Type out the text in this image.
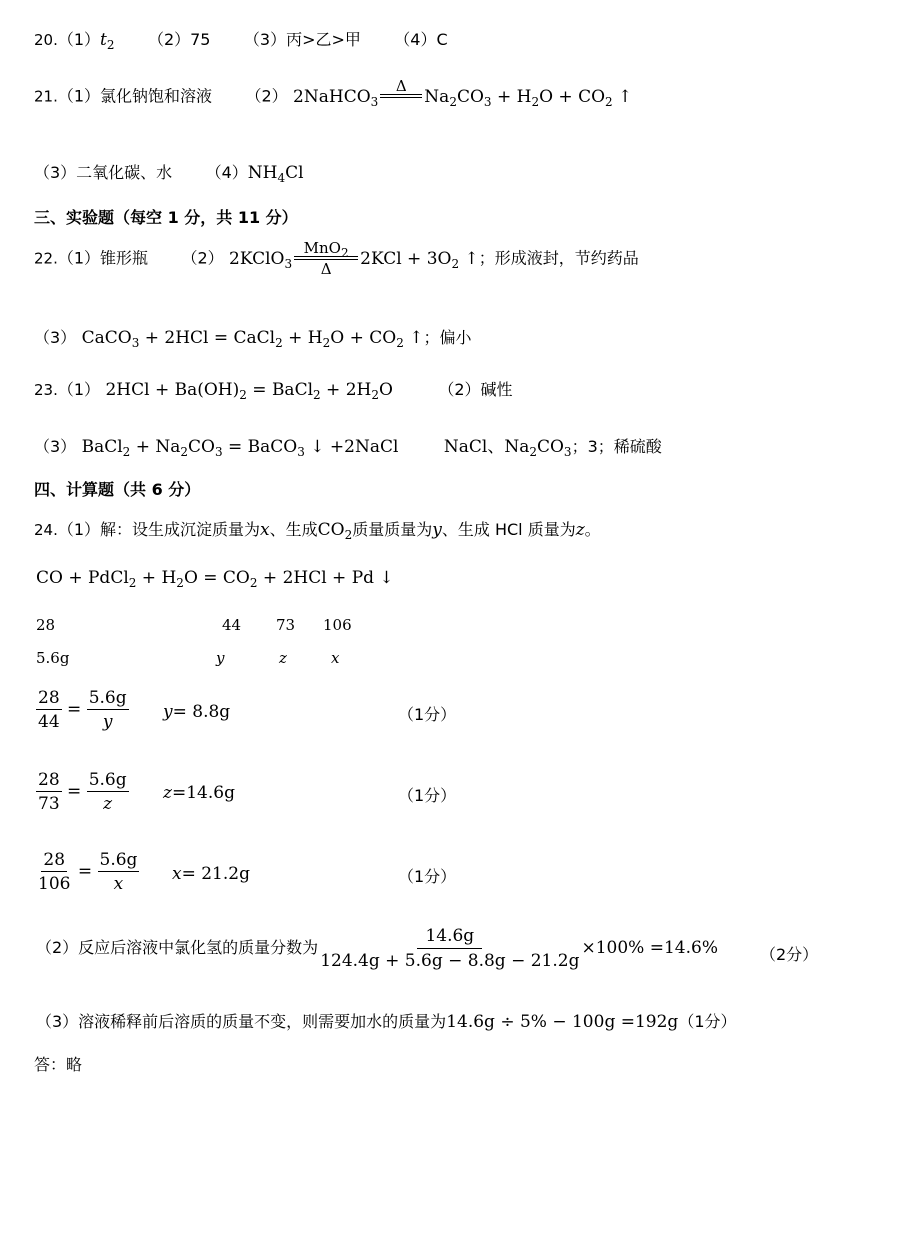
$20.(1)t_2$ （2）75 （3）丙>乙>甲 （4）C
21.（1）氯化钠饱和溶液 （2） 2NaHCO$_3$
Δ

$Na_2CO_3 + H_2O + CO_2$ ↑
（3）二氧化碳、水 $(4)NH_4Cl$
三、实验题（每空 1 分，共 11 分）
22.（1）锥形瓶 （2） 2KClO$_3$
MnO$_2$
Δ
$2KCl + 3O_2$ ↑；形成液封，节约药品
（3） CaCO$_3$ + 2HCl = CaCl$_2$ + $H_2O + CO_2$ ↑；偏小
23.（1） $2HCl + Ba(OH)_2$ = BaCl$_2$ + $2H_2O$	（2）碱性
（3） BaCl$_2$ + $Na_2CO_3$ = BaCO$_3$ ↓ +2NaCl	NaCl、$Na_2CO_3$；3；稀硫酸
四、计算题（共 6 分）
24.（1）解：设生成沉淀质量为x、生成$CO_2$质量质量为y、生成 HCl 质量为z。
CO + PdCl$_2$ + $H_2O = CO_2 + 2HCl + Pd$ ↓
28	44 73 106
5.6g	y	z	x
$\frac{28}{44} = \frac{5.6g}{y} y= 8.8g$	（1分）
$\frac{28}{73} = \frac{5.6g}{z} z=14.6g$	（1分）
$\frac{28}{106} = \frac{5.6g}{x} x= 21.2g$	（1分）
（2）反应后溶液中氯化氢的质量分数为 $\frac{14.6g}{124.4g + 5.6g - 8.8g - 21.2g} \times 100\% =14.6\%$	（2分）
（3）溶液稀释前后溶质的质量不变，则需要加水的质量为14.6g ÷ 5% − 100g =192g（1分）
答：略
